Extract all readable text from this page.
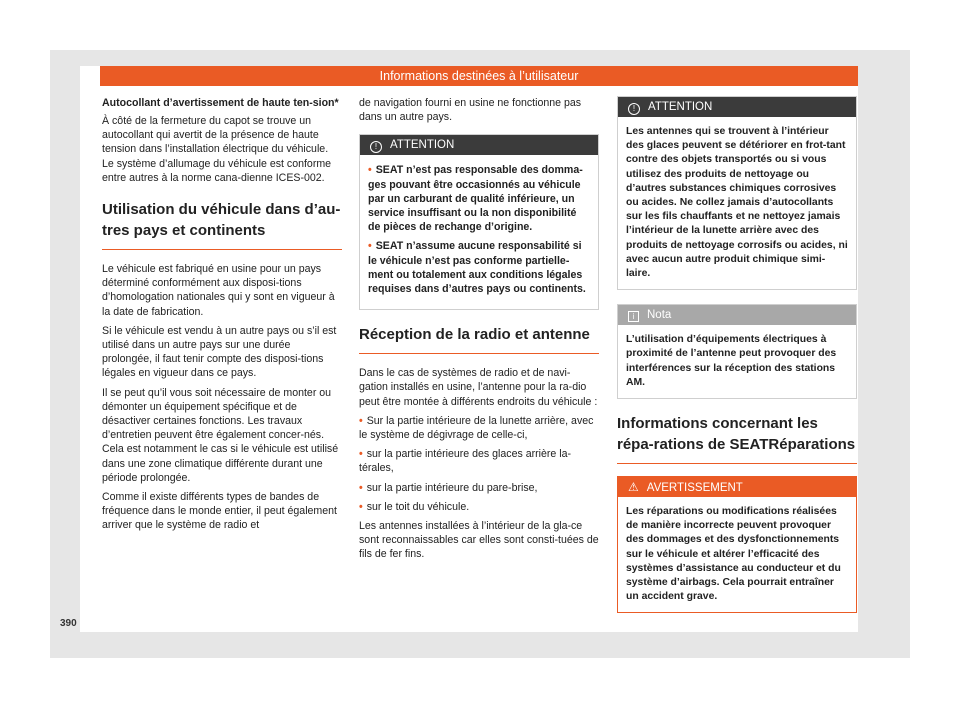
Informations destinées à l’utilisateur
Autocollant d’avertissement de haute ten-sion*

À côté de la fermeture du capot se trouve un autocollant qui avertit de la présence de haute tension dans l’installation électrique du véhicule. Le système d’allumage du véhicule est conforme entre autres à la norme cana-dienne ICES-002.

Utilisation du véhicule dans d’au-tres pays et continents

Le véhicule est fabriqué en usine pour un pays déterminé conformément aux disposi-tions d’homologation nationales qui y sont en vigueur à la date de fabrication.

Si le véhicule est vendu à un autre pays ou s’il est utilisé dans un autre pays sur une durée prolongée, il faut tenir compte des disposi-tions légales en vigueur dans ce pays.

Il se peut qu’il vous soit nécessaire de monter ou démonter un équipement spécifique et de désactiver certaines fonctions. Les travaux d’entretien peuvent être également concer-nés. Cela est notamment le cas si le véhicule est utilisé dans une zone climatique différente durant une période prolongée.

Comme il existe différents types de bandes de fréquence dans le monde entier, il peut également arriver que le système de radio et

de navigation fourni en usine ne fonctionne pas dans un autre pays.

! ATTENTION
• SEAT n’est pas responsable des domma-ges pouvant être occasionnés au véhicule par un carburant de qualité inférieure, un service insuffisant ou la non disponibilité de pièces de rechange d’origine.
• SEAT n’assume aucune responsabilité si le véhicule n’est pas conforme partielle-ment ou totalement aux conditions légales requises dans d’autres pays ou continents.
Réception de la radio et antenne

Dans le cas de systèmes de radio et de navi-gation installés en usine, l’antenne pour la ra-dio peut être montée à différents endroits du véhicule :

• Sur la partie intérieure de la lunette arrière, avec le système de dégivrage de celle-ci,
• sur la partie intérieure des glaces arrière la-térales,
• sur la partie intérieure du pare-brise,
• sur le toit du véhicule.

Les antennes installées à l’intérieur de la gla-ce sont reconnaissables car elles sont consti-tuées de fils de fer fins.

! ATTENTION

Les antennes qui se trouvent à l’intérieur des glaces peuvent se détériorer en frot-tant contre des objets transportés ou si vous utilisez des produits de nettoyage ou d’autres substances chimiques corrosives ou acides. Ne collez jamais d’autocollants sur les fils chauffants et ne nettoyez jamais l’intérieur de la lunette arrière avec des produits de nettoyage corrosifs ou acides, ni avec aucun autre produit chimique simi-laire.

i Nota

L’utilisation d’équipements électriques à proximité de l’antenne peut provoquer des interférences sur la réception des stations AM.

Informations concernant les répa-rations de SEATRéparations
⚠ AVERTISSEMENT

Les réparations ou modifications réalisées de manière incorrecte peuvent provoquer des dommages et des dysfonctionnements sur le véhicule et altérer l’efficacité des systèmes d’assistance au conducteur et du système d’airbags. Cela pourrait entraîner un accident grave.

390
